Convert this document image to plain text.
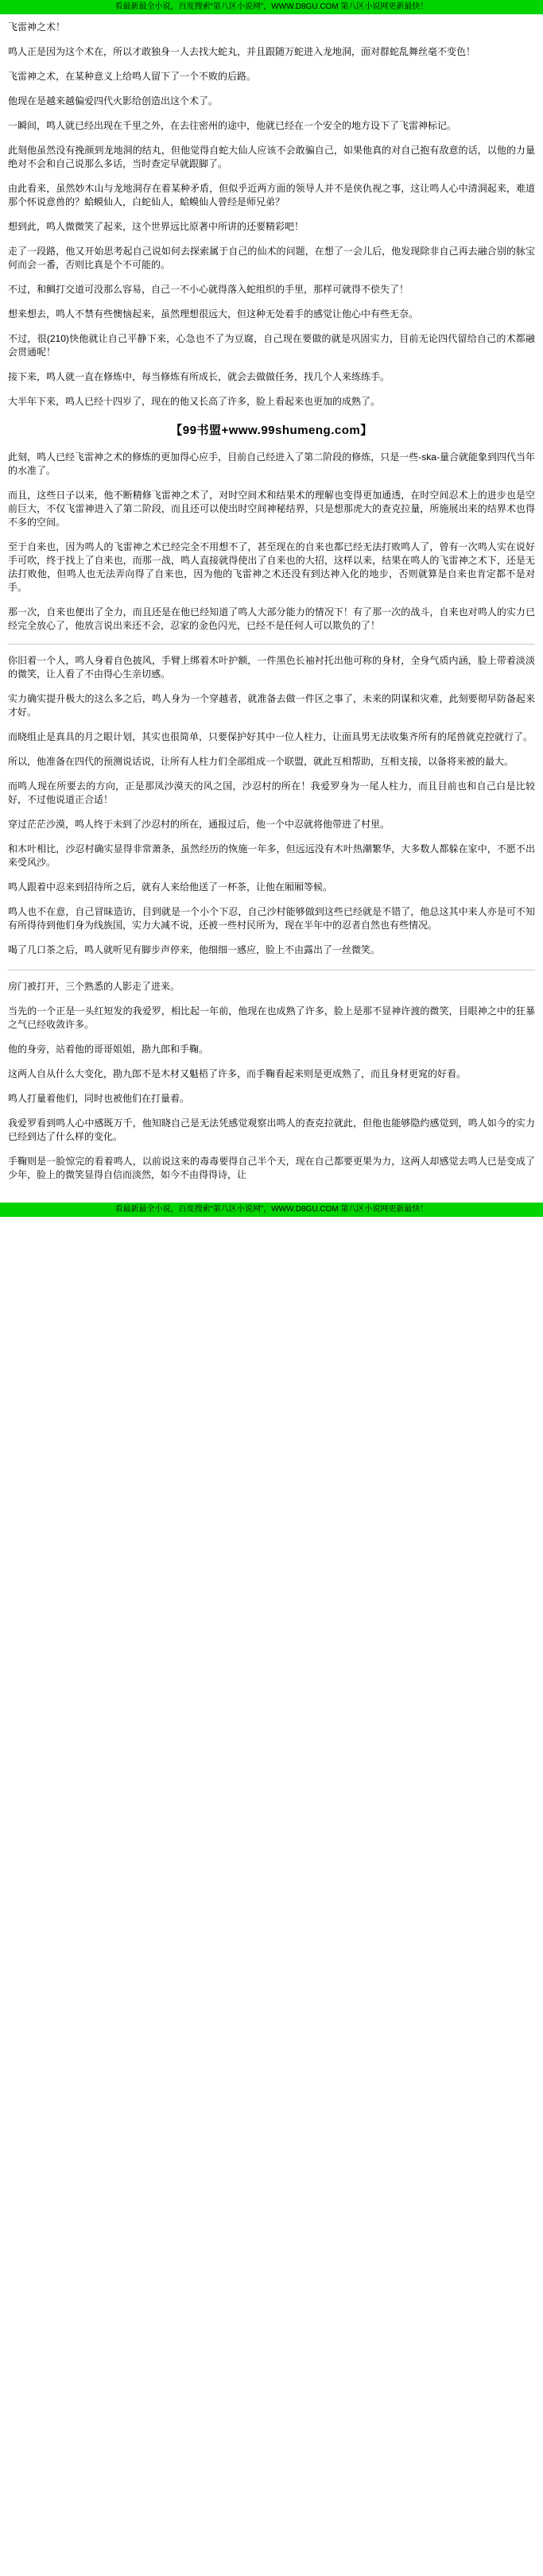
看最新最全小说，百度搜索“第八区小说网”，WWW.D8GU.COM 第八区小说网更新最快！

飞雷神之术！

鸣人正是因为这个术在，所以才敢独身一人去找大蛇丸，并且跟随万蛇进入龙地洞，面对群蛇乱舞丝毫不变色！

飞雷神之术，在某种意义上给鸣人留下了一个不败的后路。

他现在是越来越偏爱四代火影给创造出这个术了。

一瞬间，鸣人就已经出现在千里之外，在去往密州的途中，他就已经在一个安全的地方设下了飞雷神标记。

此刻他虽然没有挽颜到龙地洞的结丸，但他觉得自蛇大仙人应该不会敢骗自己，如果他真的对自己抱有敌意的话，以他的力量绝对不会和自己说那么多话，当时查定早就跟脚了。

由此看来，虽然妙木山与龙地洞存在着某种矛盾，但似乎近两方面的领导人并不是侠仇视之事，这让鸣人心中清洞起来，难道那个怀说意兽的？蛤蟆仙人，白蛇仙人，蛤蟆仙人曾经是师兄弟？

想到此，鸣人微微笑了起来，这个世界远比原著中所讲的还要精彩吧！

走了一段路，他又开始思考起自己说如何去探索属于自己的仙术的问题，在想了一会儿后，他发现除非自己再去融合别的脉宝何而会一番，否则比真是个不可能的。

不过，和鲷打交道可没那么容易，自己一不小心就得落入蛇组织的手里，那样可就得不偿失了！

想来想去，鸣人不禁有些懊恼起来，虽然理想很远大，但这种无处着手的感觉让他心中有些无奈。

不过，很(210)快他就让自己平静下来，心急也不了为豆腐，自己现在要做的就是巩固实力，目前无论四代留给自己的术都融会贯通呢！

接下来，鸣人就一直在修炼中，每当修炼有所成长，就会去做做任务，找几个人来练练手。

大半年下来，鸣人已经十四岁了，现在的他又长高了许多，脸上看起来也更加的成熟了。

【99书盟+www.99shumeng.com】

此刻，鸣人已经飞雷神之术的修炼的更加得心应手，目前自己经进入了第二阶段的修炼，只是一些-ska-量合就能象到四代当年的水准了。

而且，这些日子以来，他不断精修飞雷神之术了，对时空间术和结果术的理解也变得更加通透，在时空间忍术上的进步也是空前巨大，不仅飞雷神进入了第二阶段，而且还可以使出时空间神秘结界，只是想那虎大的查克拉量，所施展出来的结界术也得不多的空间。

至于自来也，因为鸣人的飞雷神之术已经完全不用想不了，甚至现在的自来也都已经无法打败鸣人了，曾有一次鸣人实在说好手可吹，终于找上了自来也，而那一战，鸣人直接就得使出了自来也的大招，这样以来，结果在鸣人的飞雷神之术下，还是无法打败他，但鸣人也无法弄向得了自来也，因为他的飞雷神之术还没有到达神入化的地步，否则就算是自来也肯定都不是对手。

那一次，自来也便出了全力，而且还是在他已经知道了鸣人大部分能力的情况下！有了那一次的战斗，自来也对鸣人的实力已经完全放心了，他放言说出来还不会，忍家的金色闪光，已经不是任何人可以欺负的了！

你旧着一个人，鸣人身着自色披风，手臂上绑着木叶护额，一件黑色长袖衬托出他可称的身材，全身气质内涵，脸上带着淡淡的微笑，让人看了不由得心生亲切感。

实力确实提升极大的这么多之后，鸣人身为一个穿越者，就准备去做一件区之事了，未来的阴谋和灾难，此刻要彻早防备起来才好。

而晓组止是真具的月之眼计划，其实也很简单，只要保护好其中一位人柱力，让面具男无法收集齐所有的尾兽就克控就行了。

所以，他准备在四代的预测说话说，让所有人柱力们全部组成一个联盟，就此互相帮助，互相支接，以备将来被的最大。

而鸣人现在所要去的方向，正是那凤沙漠天的风之国，沙忍村的所在！我爱罗身为一尾人柱力，而且目前也和自己白是比较好，不过他说道正合适！

穿过茫茫沙漠，鸣人终于未到了沙忍村的所在，通报过后，他一个中忍就将他带进了村里。

和木叶相比，沙忍村确实显得非常萧条，虽然经历的恢施一年多，但远远没有木叶热潮繁华，大多数人都躲在家中，不愿不出来受风沙。

鸣人跟着中忍来到招待所之后，就有人来给他送了一杯茶，让他在厢厢等候。

鸣人也不在意，自己冒昧造访，目到就是一个小个下忍，自己沙村能够做到这些已经就是不错了，他总这其中来人亦是可不知有所得待到他们身为线族国，实力大减不说，还被一些村民所为，现在半年中的忍者自然也有些情况。

喝了几口茶之后，鸣人就听见有脚步声停来，他细细一感应，脸上不由露出了一丝微笑。

房门被打开，三个熟悉的人影走了进来。

当先的一个正是一头红短发的我爱罗，相比起一年前，他现在也成熟了许多，脸上是那不显神许渡的微笑，目眼神之中的狂暴之气已经收敛许多。

他的身旁，站着他的哥哥姐姐，勘九郎和手鞠。

这两人自从什么大变化，勘九郎不是木材又魁梧了许多，而手鞠看起来则是更成熟了，而且身材更窕的好看。

鸣人打量着他们，同时也被他们在打量着。

我爱罗看到鸣人心中感既万千，他知晓自己是无法凭感觉观察出鸣人的查克拉就此，但他也能够隐约感觉到，鸣人如今的实力已经到达了什么样的变化。

手鞠则是一脸惊完的看着鸣人，以前说这来的毒毒要得自己半个天，现在自己都要更果为力，这两人却感觉去鸣人已是变成了少年，脸上的微笑显得自信而淡然，如今不由得得诗，让

看最新最全小说，百度搜索“第八区小说网”，WWW.D8GU.COM 第八区小说网更新最快！
